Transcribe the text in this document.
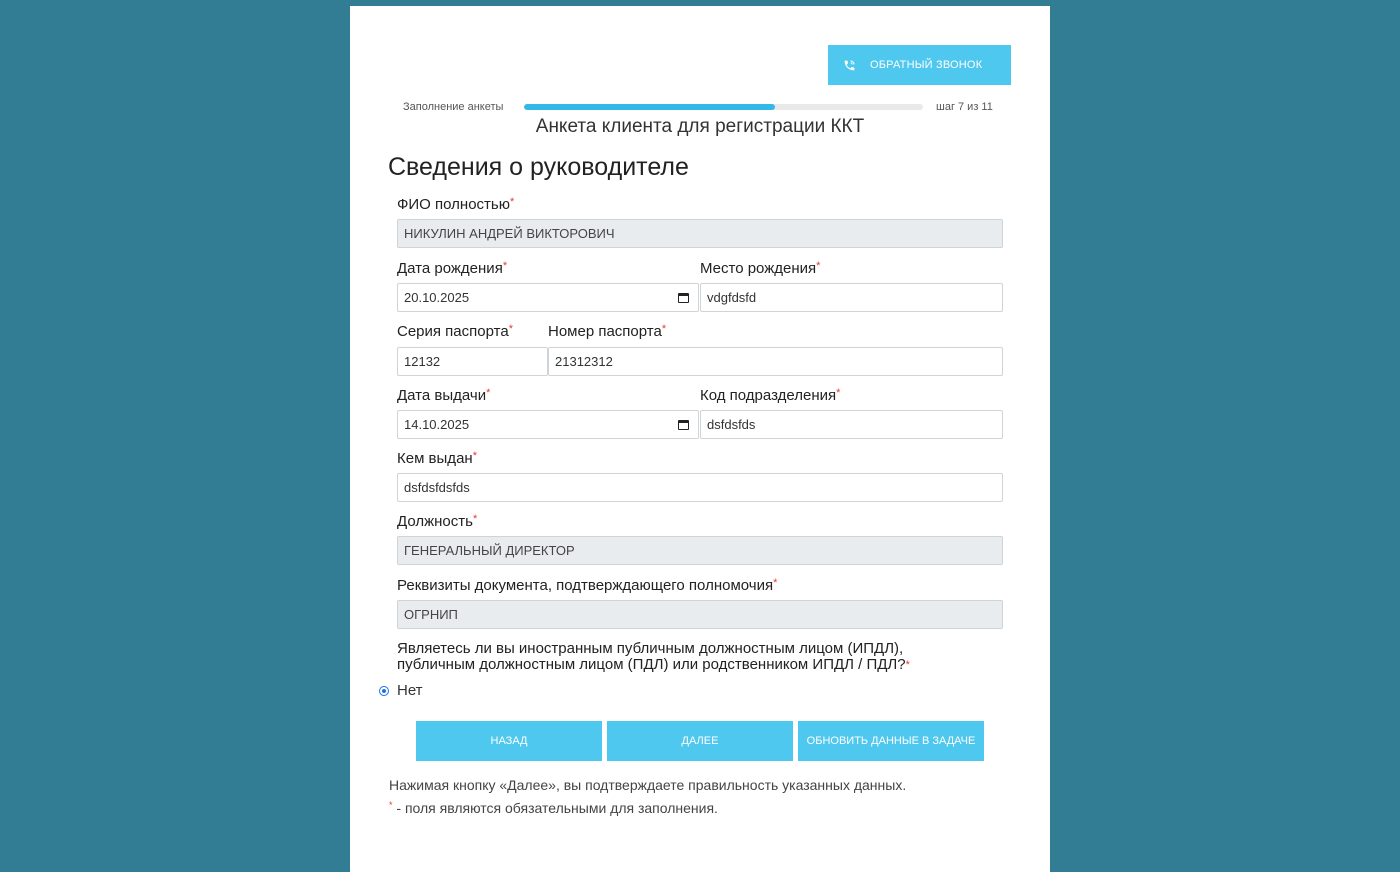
ОБРАТНЫЙ ЗВОНОК
Заполнение анкеты	шаг 7 из 11
Анкета клиента для регистрации ККТ
Сведения о руководителе
ФИО полностью*
НИКУЛИН АНДРЕЙ ВИКТОРОВИЧ
Дата рождения*
20.10.2025
Место рождения*
vdgfdsfd
Серия паспорта*
12132
Номер паспорта*
21312312
Дата выдачи*
14.10.2025
Код подразделения*
dsfdsfds
Кем выдан*
dsfdsfdsfds
Должность*
ГЕНЕРАЛЬНЫЙ ДИРЕКТОР
Реквизиты документа, подтверждающего полномочия*
ОГРНИП
Являетесь ли вы иностранным публичным должностным лицом (ИПДЛ),
публичным должностным лицом (ПДЛ) или родственником ИПДЛ / ПДЛ?*
Нет
НАЗАД	ДАЛЕЕ	ОБНОВИТЬ ДАННЫЕ В ЗАДАЧЕ
Нажимая кнопку «Далее», вы подтверждаете правильность указанных данных.
* - поля являются обязательными для заполнения.
